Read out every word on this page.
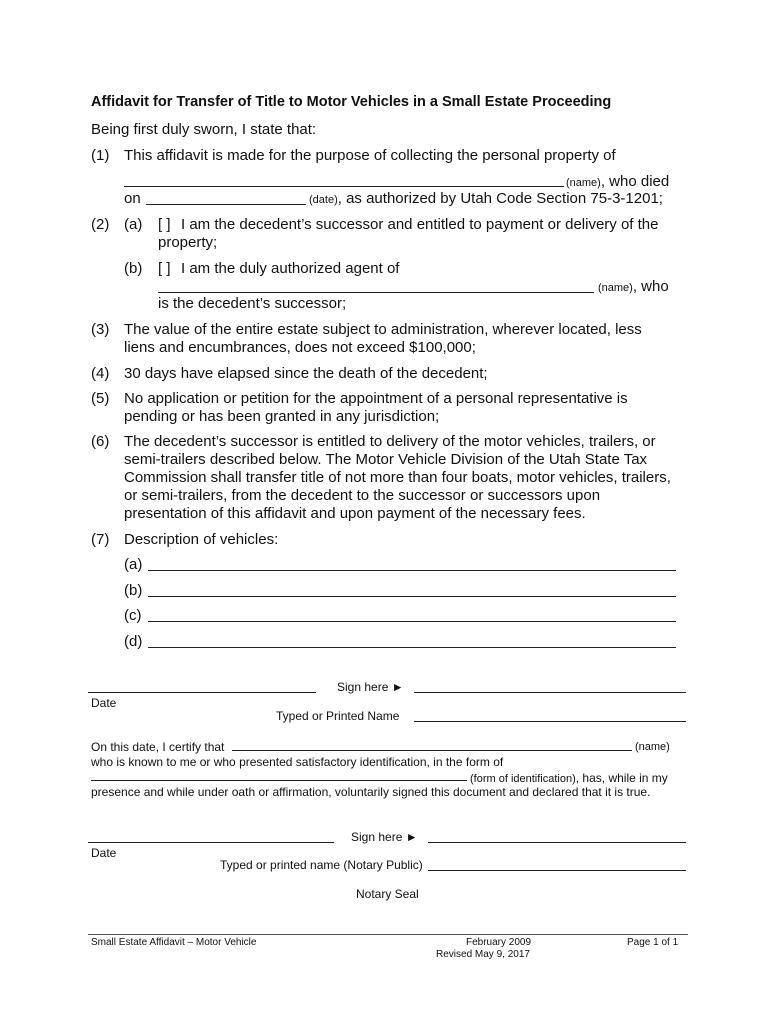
Affidavit for Transfer of Title to Motor Vehicles in a Small Estate Proceeding
Being first duly sworn, I state that:
(1) This affidavit is made for the purpose of collecting the personal property of
(name), who died
on	(date), as authorized by Utah Code Section 75-3-1201;
(2) (a) [ ] I am the decedent’s successor and entitled to payment or delivery of the
property;
(b) [ ] I am the duly authorized agent of
(name), who
is the decedent’s successor;
(3) The value of the entire estate subject to administration, wherever located, less
liens and encumbrances, does not exceed $100,000;
(4) 30 days have elapsed since the death of the decedent;
(5) No application or petition for the appointment of a personal representative is
pending or has been granted in any jurisdiction;
(6) The decedent’s successor is entitled to delivery of the motor vehicles, trailers, or
semi-trailers described below. The Motor Vehicle Division of the Utah State Tax
Commission shall transfer title of not more than four boats, motor vehicles, trailers,
or semi-trailers, from the decedent to the successor or successors upon
presentation of this affidavit and upon payment of the necessary fees.
(7) Description of vehicles:
(a)
(b)
(c)
(d)
Sign here ►
Date
Typed or Printed Name
On this date, I certify that	(name)
who is known to me or who presented satisfactory identification, in the form of
(form of identification), has, while in my
presence and while under oath or affirmation, voluntarily signed this document and declared that it is true.
Sign here ►
Date
Typed or printed name (Notary Public)
Notary Seal
Small Estate Affidavit – Motor Vehicle	February 2009
Revised May 9, 2017
Page 1 of 1
